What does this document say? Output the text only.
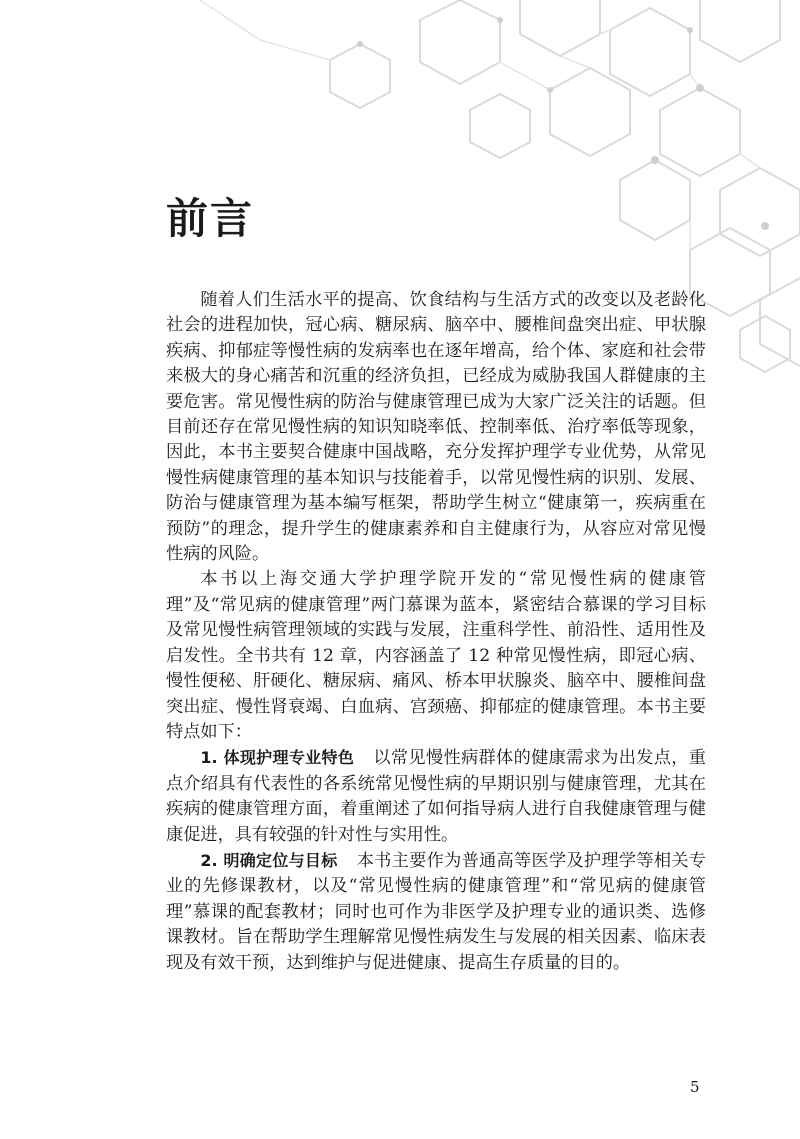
前言

随着人们生活水平的提高、饮食结构与生活方式的改变以及老龄化社会的进程加快，冠心病、糖尿病、脑卒中、腰椎间盘突出症、甲状腺疾病、抑郁症等慢性病的发病率也在逐年增高，给个体、家庭和社会带来极大的身心痛苦和沉重的经济负担，已经成为威胁我国人群健康的主要危害。常见慢性病的防治与健康管理已成为大家广泛关注的话题。但目前还存在常见慢性病的知识知晓率低、控制率低、治疗率低等现象，因此，本书主要契合健康中国战略，充分发挥护理学专业优势，从常见慢性病健康管理的基本知识与技能着手，以常见慢性病的识别、发展、防治与健康管理为基本编写框架，帮助学生树立“健康第一，疾病重在预防”的理念，提升学生的健康素养和自主健康行为，从容应对常见慢性病的风险。

本书以上海交通大学护理学院开发的“常见慢性病的健康管理”及“常见病的健康管理”两门慕课为蓝本，紧密结合慕课的学习目标及常见慢性病管理领域的实践与发展，注重科学性、前沿性、适用性及启发性。全书共有 12 章，内容涵盖了 12 种常见慢性病，即冠心病、慢性便秘、肝硬化、糖尿病、痛风、桥本甲状腺炎、脑卒中、腰椎间盘突出症、慢性肾衰竭、白血病、宫颈癌、抑郁症的健康管理。本书主要特点如下：

1. 体现护理专业特色 以常见慢性病群体的健康需求为出发点，重点介绍具有代表性的各系统常见慢性病的早期识别与健康管理，尤其在疾病的健康管理方面，着重阐述了如何指导病人进行自我健康管理与健康促进，具有较强的针对性与实用性。

2. 明确定位与目标 本书主要作为普通高等医学及护理学等相关专业的先修课教材，以及“常见慢性病的健康管理”和“常见病的健康管理”慕课的配套教材；同时也可作为非医学及护理专业的通识类、选修课教材。旨在帮助学生理解常见慢性病发生与发展的相关因素、临床表现及有效干预，达到维护与促进健康、提高生存质量的目的。

5
